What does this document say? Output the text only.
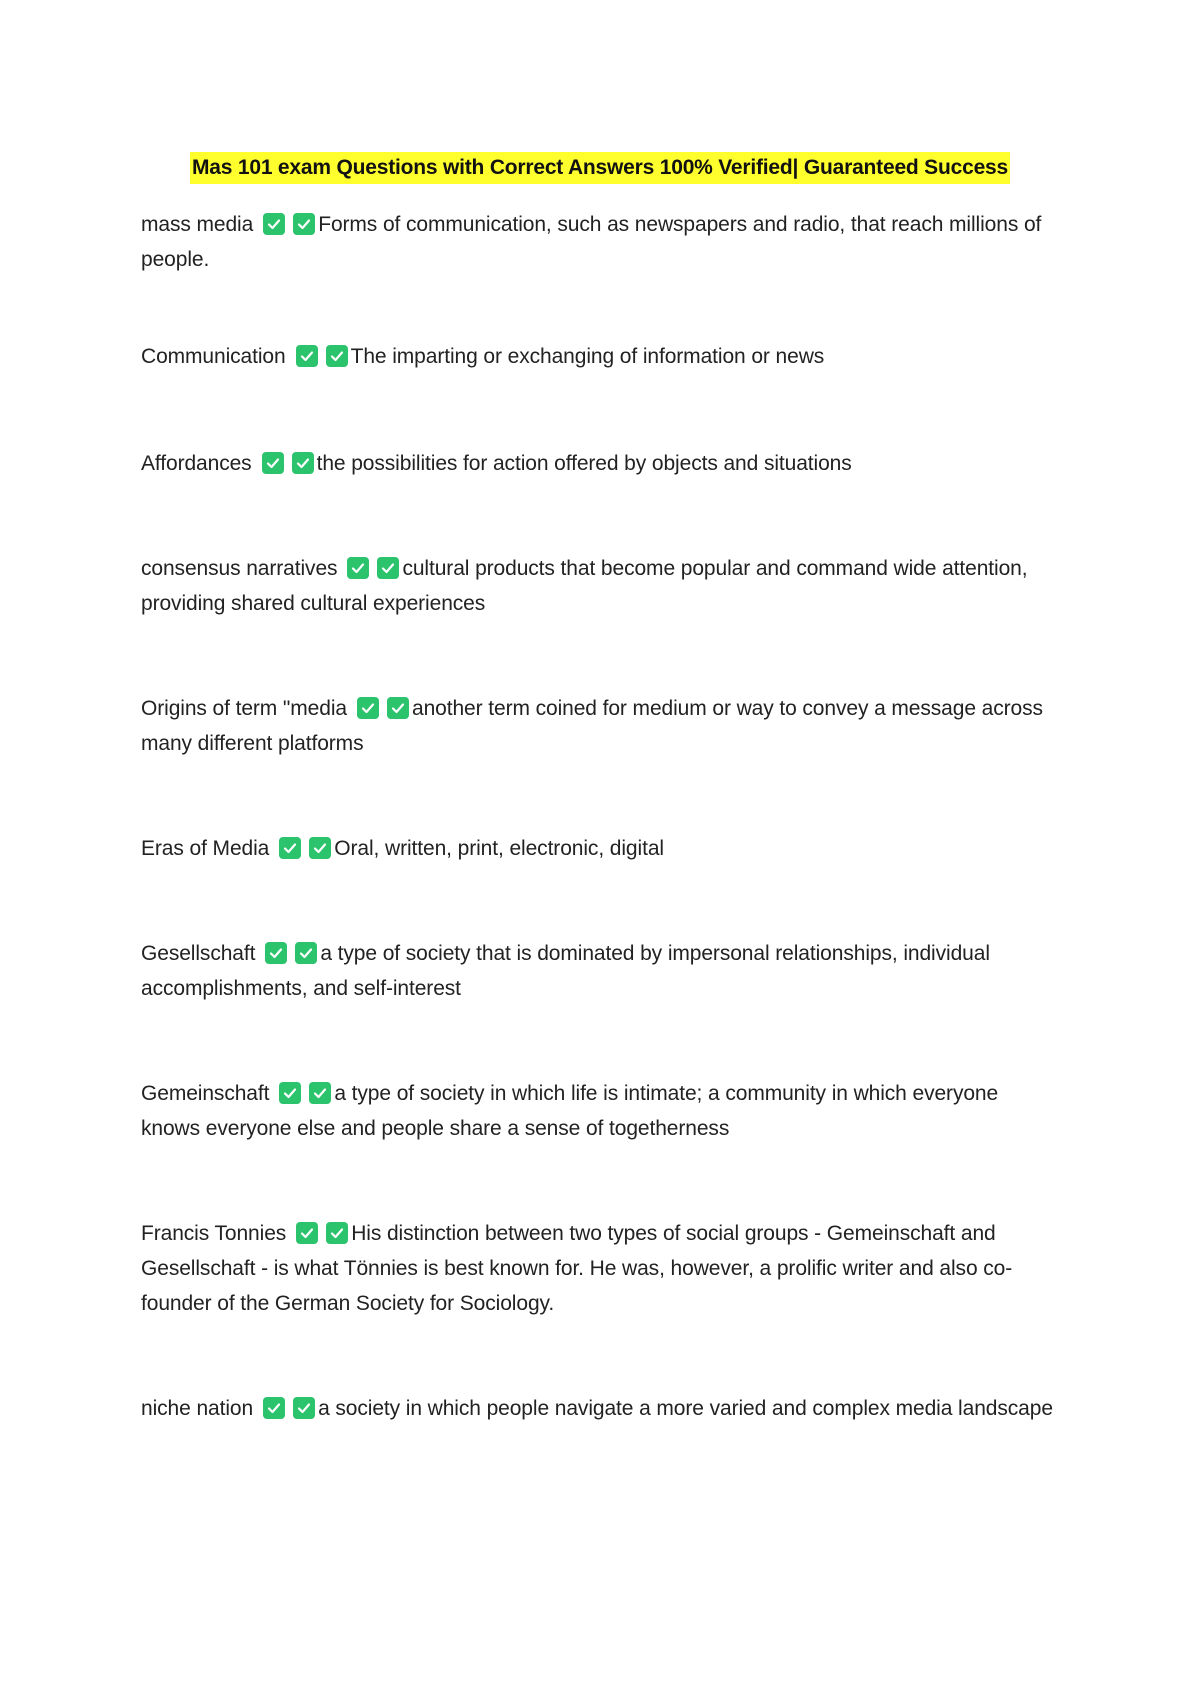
Mas 101 exam Questions with Correct Answers 100% Verified| Guaranteed Success
mass media	Forms of communication, such as newspapers and radio, that reach millions of people.
Communication	The imparting or exchanging of information or news
Affordances	the possibilities for action offered by objects and situations
consensus narratives	cultural products that become popular and command wide attention, providing shared cultural experiences
Origins of term "media	another term coined for medium or way to convey a message across many different platforms
Eras of Media	Oral, written, print, electronic, digital
Gesellschaft	a type of society that is dominated by impersonal relationships, individual accomplishments, and self-interest
Gemeinschaft	a type of society in which life is intimate; a community in which everyone knows everyone else and people share a sense of togetherness
Francis Tonnies	His distinction between two types of social groups - Gemeinschaft and Gesellschaft - is what Tönnies is best known for. He was, however, a prolific writer and also co-founder of the German Society for Sociology.
niche nation	a society in which people navigate a more varied and complex media landscape
